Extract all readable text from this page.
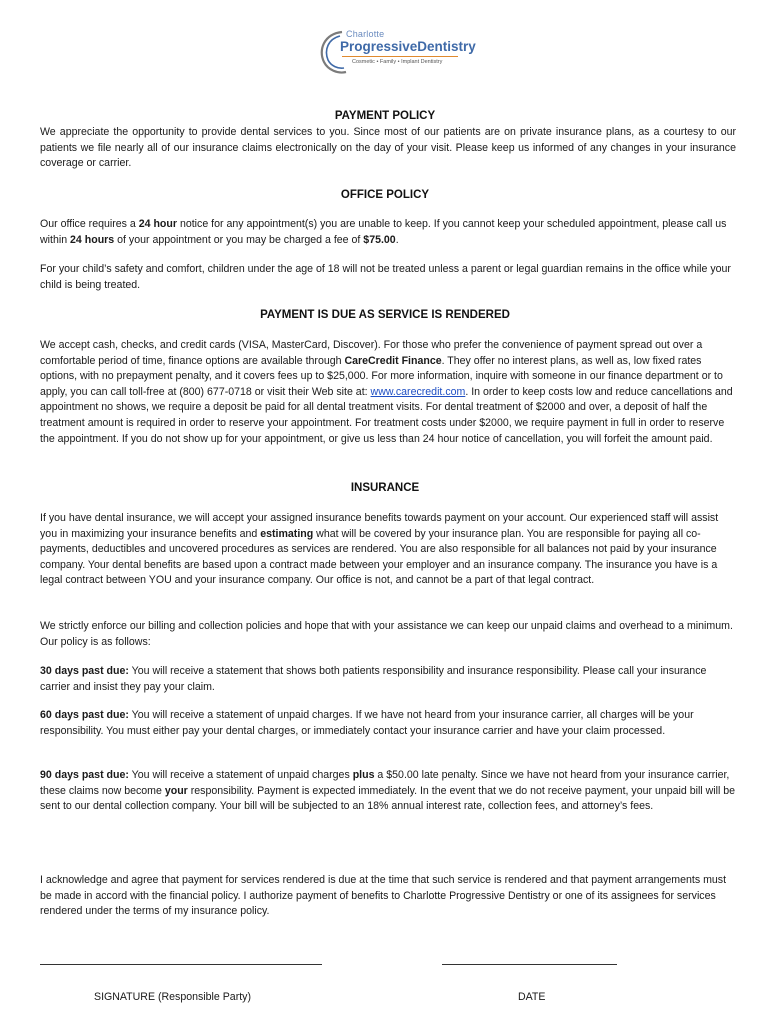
Charlotte
ProgressiveDentistry
Cosmetic • Family • Implant Dentistry
PAYMENT POLICY

We appreciate the opportunity to provide dental services to you. Since most of our patients are on private insurance plans, as a courtesy to our patients we file nearly all of our insurance claims electronically on the day of your visit. Please keep us informed of any changes in your insurance coverage or carrier.

OFFICE POLICY

Our office requires a 24 hour notice for any appointment(s) you are unable to keep. If you cannot keep your scheduled appointment, please call us within 24 hours of your appointment or you may be charged a fee of $75.00.

For your child’s safety and comfort, children under the age of 18 will not be treated unless a parent or legal guardian remains in the office while your child is being treated.

PAYMENT IS DUE AS SERVICE IS RENDERED

We accept cash, checks, and credit cards (VISA, MasterCard, Discover). For those who prefer the convenience of payment spread out over a comfortable period of time, finance options are available through CareCredit Finance. They offer no interest plans, as well as, low fixed rates options, with no prepayment penalty, and it covers fees up to $25,000. For more information, inquire with someone in our finance department or to apply, you can call toll-free at (800) 677-0718 or visit their Web site at: www.carecredit.com. In order to keep costs low and reduce cancellations and appointment no shows, we require a deposit be paid for all dental treatment visits. For dental treatment of $2000 and over, a deposit of half the treatment amount is required in order to reserve your appointment. For treatment costs under $2000, we require payment in full in order to reserve the appointment. If you do not show up for your appointment, or give us less than 24 hour notice of cancellation, you will forfeit the amount paid.

INSURANCE

If you have dental insurance, we will accept your assigned insurance benefits towards payment on your account. Our experienced staff will assist you in maximizing your insurance benefits and estimating what will be covered by your insurance plan. You are responsible for paying all co-payments, deductibles and uncovered procedures as services are rendered. You are also responsible for all balances not paid by your insurance company. Your dental benefits are based upon a contract made between your employer and an insurance company. The insurance you have is a legal contract between YOU and your insurance company. Our office is not, and cannot be a part of that legal contract.

We strictly enforce our billing and collection policies and hope that with your assistance we can keep our unpaid claims and overhead to a minimum. Our policy is as follows:

30 days past due: You will receive a statement that shows both patients responsibility and insurance responsibility. Please call your insurance carrier and insist they pay your claim.

60 days past due: You will receive a statement of unpaid charges. If we have not heard from your insurance carrier, all charges will be your responsibility. You must either pay your dental charges, or immediately contact your insurance carrier and have your claim processed.

90 days past due: You will receive a statement of unpaid charges plus a $50.00 late penalty. Since we have not heard from your insurance carrier, these claims now become your responsibility. Payment is expected immediately. In the event that we do not receive payment, your unpaid bill will be sent to our dental collection company. Your bill will be subjected to an 18% annual interest rate, collection fees, and attorney’s fees.

I acknowledge and agree that payment for services rendered is due at the time that such service is rendered and that payment arrangements must be made in accord with the financial policy. I authorize payment of benefits to Charlotte Progressive Dentistry or one of its assignees for services rendered under the terms of my insurance policy.

SIGNATURE (Responsible Party)	DATE
